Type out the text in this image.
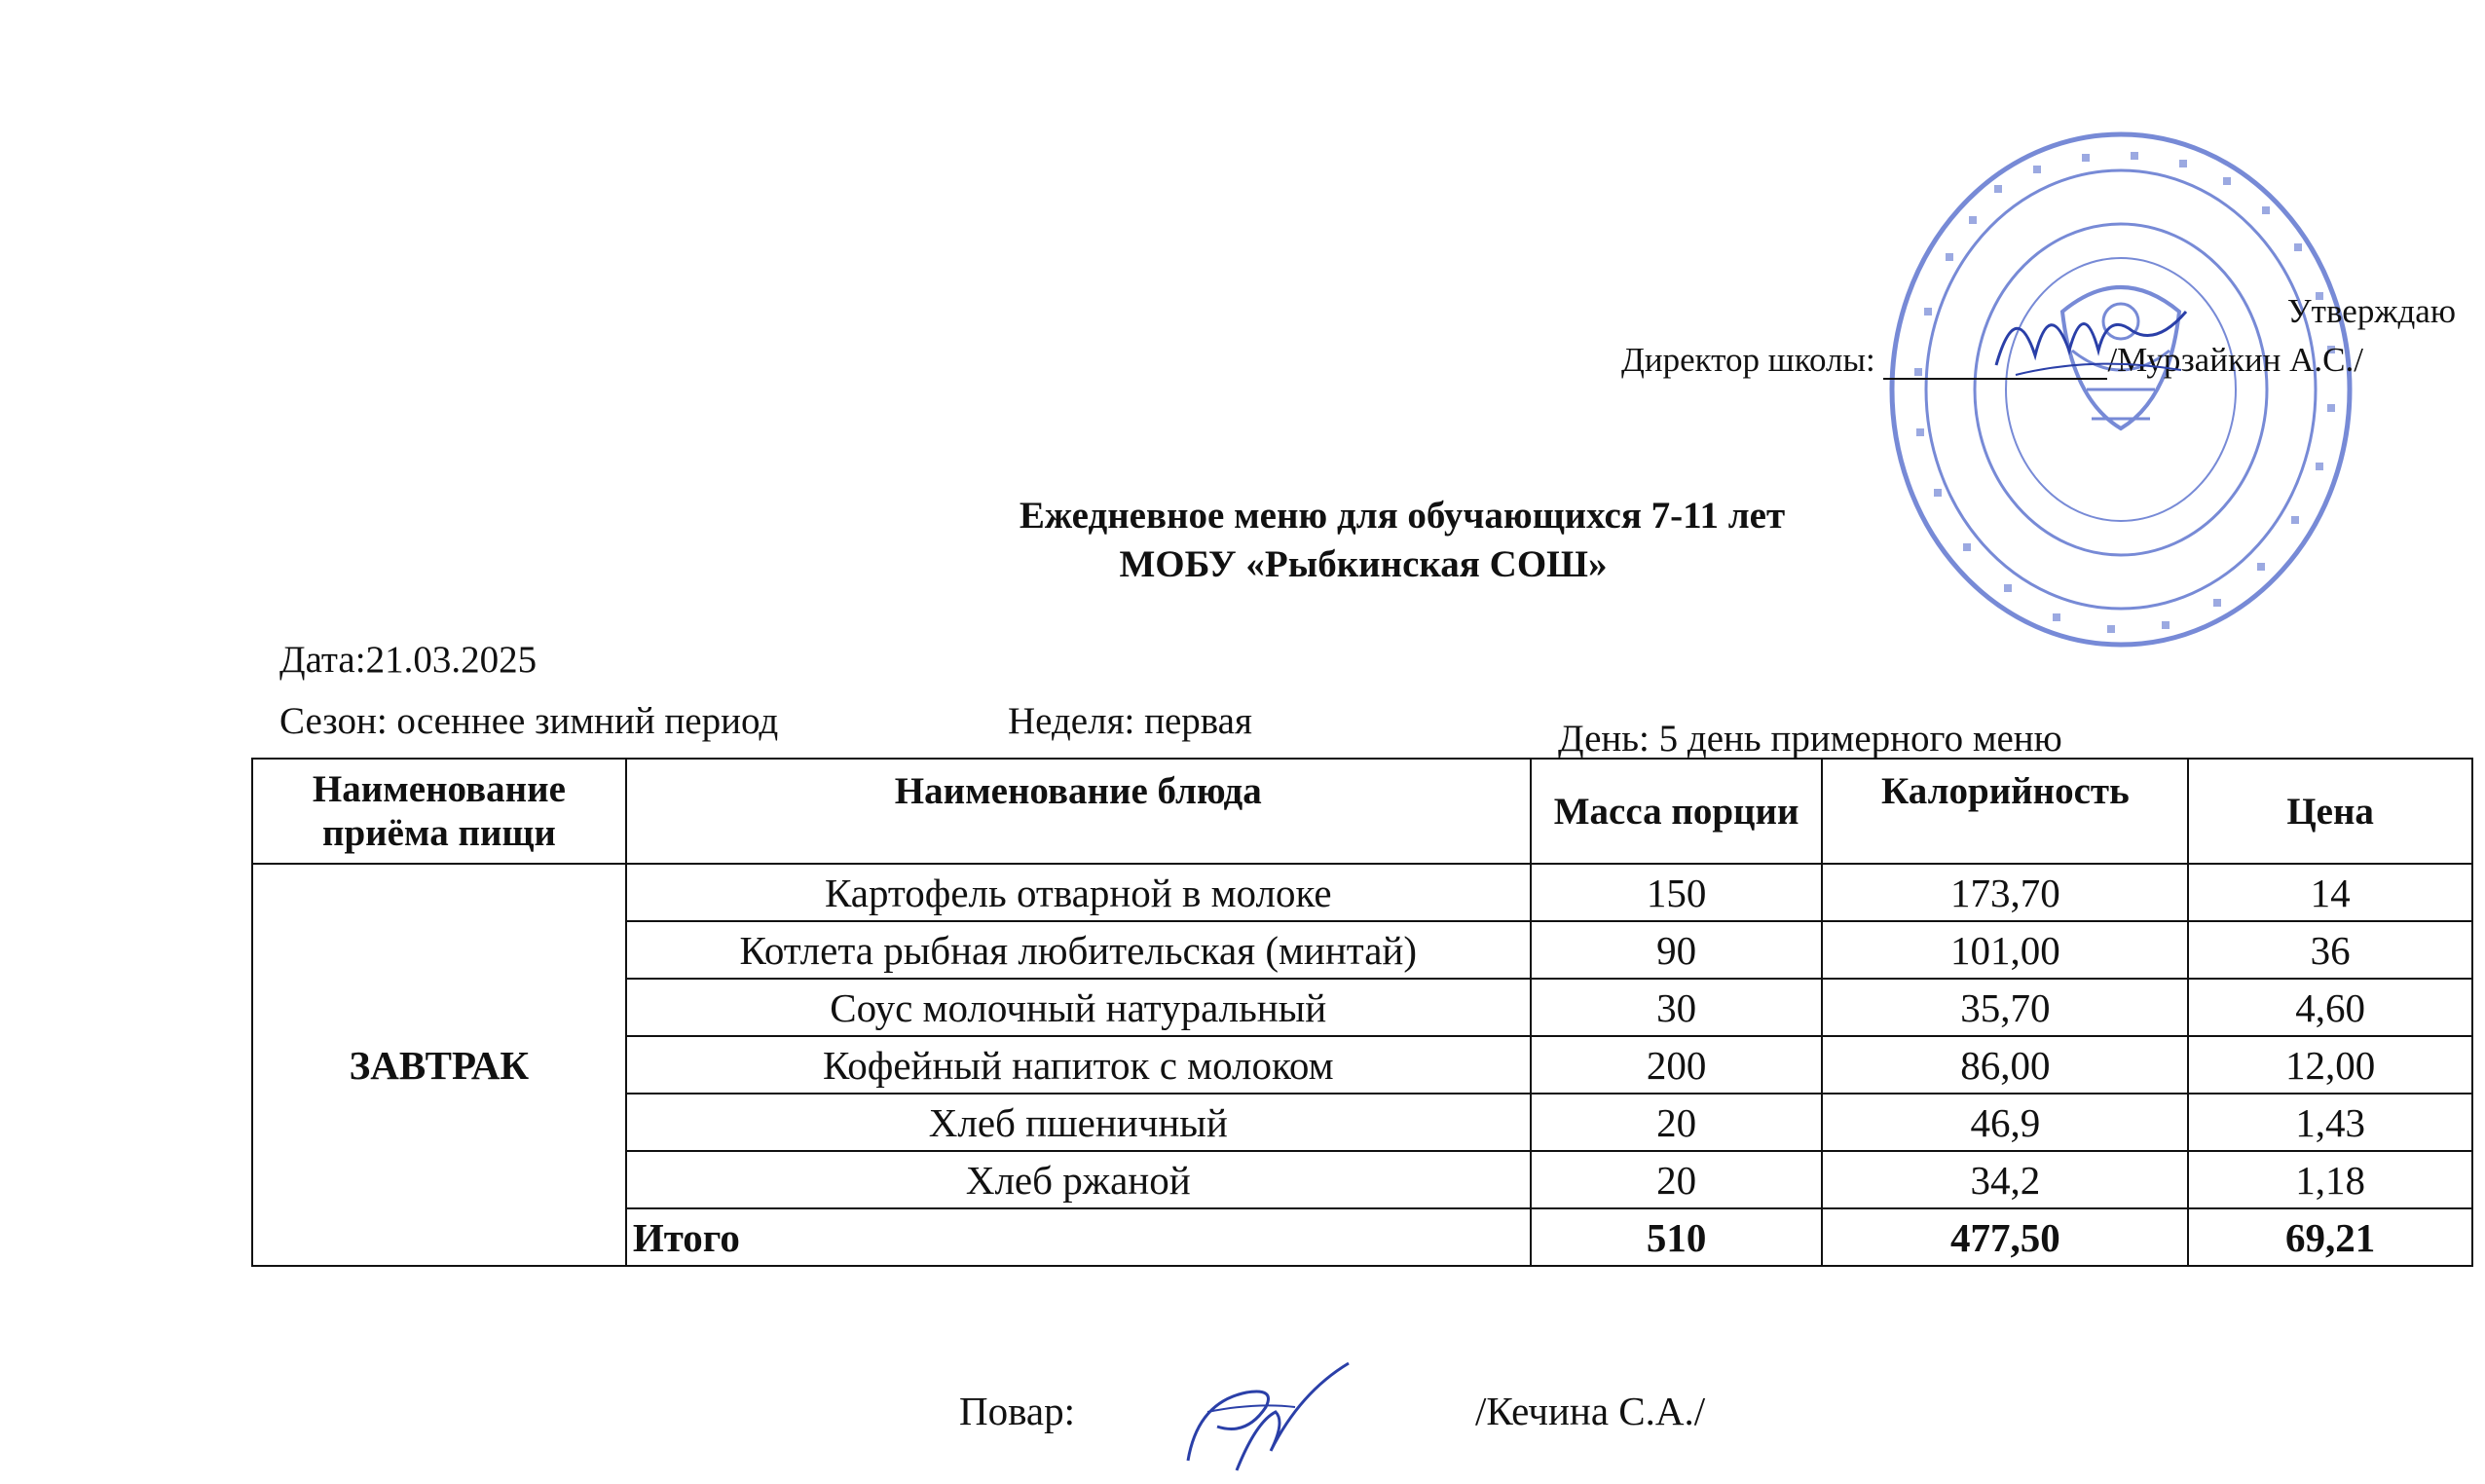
Утверждаю
Директор школы:	/Мурзайкин А.С./
Ежедневное меню для обучающихся 7-11 лет
МОБУ «Рыбкинская СОШ»
Дата:21.03.2025
Сезон: осеннее зимний период	Неделя: первая	День: 5 день примерного меню
Наименование приёма пищи	Наименование блюда	Масса порции	Калорийность	Цена
ЗАВТРАК	Картофель отварной в молоке	150	173,70	14
	Котлета рыбная любительская (минтай)	90	101,00	36
	Соус молочный натуральный	30	35,70	4,60
	Кофейный напиток с молоком	200	86,00	12,00
	Хлеб пшеничный	20	46,9	1,43
	Хлеб ржаной	20	34,2	1,18
	Итого	510	477,50	69,21
Повар:	/Кечина С.А./
